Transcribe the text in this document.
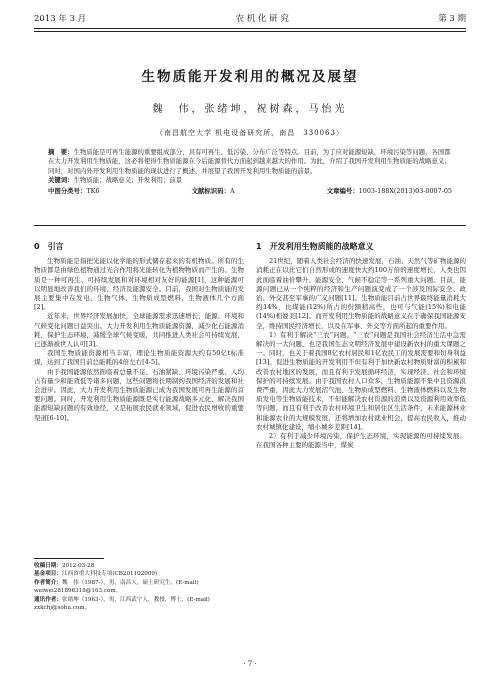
2013 年 3 月	农 机 化 研 究	第 3 期
生物质能开发利用的概况及展望
魏　伟，张绪坤，祝树森，马怡光
（南昌航空大学 机电设备研究所，南昌　330063）
摘　要：生物质能是可再生能源的重要组成部分，具有可再生、低污染、分布广泛等特点。目前，为了应对能源短缺，环境污染等问题，各国都在大力开发利用生物质能，这必将使得生物质能源在今后能源替代方面起到越来越大的作用。为此，介绍了我国开发利用生物质能的战略意义；同时，对国内外开发利用生物质能的现状进行了概述，并展望了我国开发利用生物质能的前景。
关键词：生物质能；战略意义；开发利用；前景
中图分类号：TK6	文献标识码：A	文章编号：1003-188X(2013)03-0007-05
0　引言

生物质能是指把光能以化学能的形式储存起来的有机物质。所有的生物质都是由绿色植物通过光合作用将光能转化为植物物质而产生的。生物质是一种可再生、可持续发展和对环境相对友好的能源[1]，这种能源可以明显地改善我们的环境、经济及能源安全。目前，我国对生物质能的发展主要集中在发电、生物气体、生物质成型燃料、生物液体几个方面[2]。

近年来，世界经济发展加快，全球能源需求迅速增长，能源、环境和气候变化问题日益突出。大力开发利用生物质能源资源，减少化石能源消耗，保护生态环境，减缓全球气候变暖，共同推进人类社会可持续发展，已逐渐被世人认可[3]。

我国生物质能资源相当丰富，理论生物质能资源大约有50亿t标准煤，达到了我国目前总能耗的4倍左右[4-5]。

由于我国能源依然面临着总量不足、石油紧缺、环境污染严重、人均占有量少和能效低等诸多问题，这些问题将长期制约我国经济的发展和社会进步。因此，大力开发利用生物质能源已成为我国发展可再生能源的首要问题。同时，开发利用生物质能源既是实行能源战略多元化、解决我国能源短缺问题的有效途径，又是拓展农民就业领域，促进农民增收的重要渠道[6-10]。

1　开发利用生物质能的战略意义

21世纪，随着人类社会经济的快速发展，石油、天然气等矿物能源的消耗正在以比它们自然形成的速度快大约100万倍的速度增长，人类也因此面临着油价攀升、能源安全、气候不稳定等一系列重大问题。目前，能源问题已从一个纯粹的经济和生产问题演变成了一个涉及国际安全、政治、外交甚至军事的广义问题[11]。生物质能目前占世界最终能量消耗大约14%，比煤能(12%)所占的份额稍高些，也可与气能(15%)和电能(14%)相媲美[12]。而开发利用生物质能的战略意义在于确保我国能源安全，维持国民经济增长，以及在军事、外交等方面所起的重要作用。

1）有利于解决“三农”问题。“三农”问题是我国社会经济生活中急需解决的一大问题，也是我国生态文明经济发展中建设新农村的重大课题之一。同时，也关于着我国8亿农村居民和1亿农民工的发展需要和切身利益[13]。促进生物质能的开发利用不但有利于加快新农村物质财富的积累和改善农村地区的发展，而且有利于发展循环经济，实现经济、社会和环境保护的可持续发展。由于我国农村人口众多，生物质能源不集中且资源浪费严重，因此大力发展沼气池、生物质成型燃料、生物液体燃料以及生物质发电等生物质能技术，不但能解决农村资源的浪费以及资源利用效率低等问题，而且有利于改善农村环境卫生和居住区生活条件，未来能源林业和能源农业的大规模发展，还将增加农村就业机会，提高农民收入，推动农村城镇化建设，缩小城乡差距[14]。

2）有利于减少环境污染，保护生态环境，实现能源的可持续发展。在我国各种主要的能源当中，煤炭

收稿日期：2012-03-28
基金项目：江西省重大科技专项(CB201102009)
作者简介：魏　伟（1987-），男，南昌人，硕士研究生，(E-mail) weiwei281896318@163.com。
通讯作者：张绪坤（1963-），男，江西武宁人，教授，博士，(E-mail) zxkchj@sohu.com。
· 7 ·
